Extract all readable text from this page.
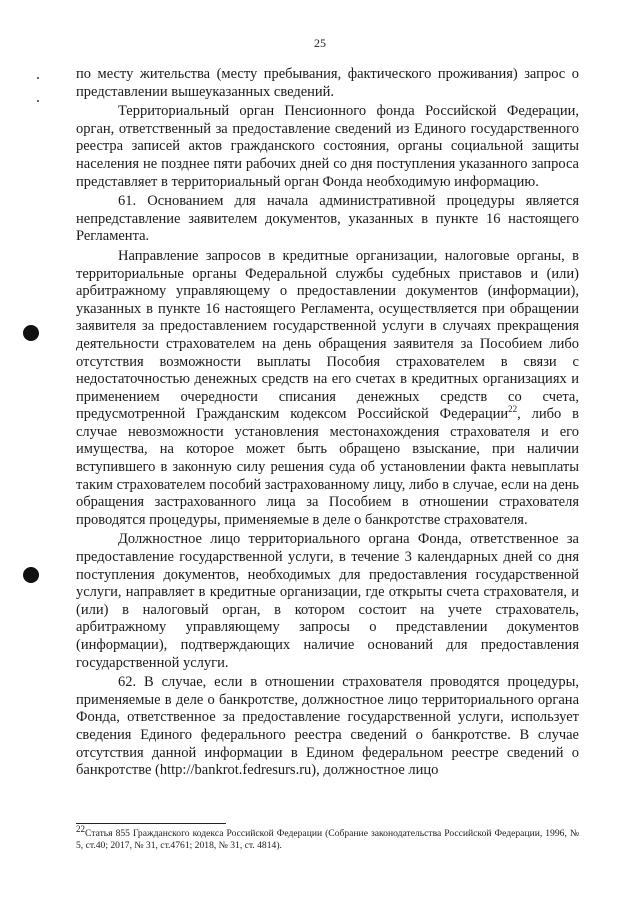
25

по месту жительства (месту пребывания, фактического проживания) запрос о представлении вышеуказанных сведений.

Территориальный орган Пенсионного фонда Российской Федерации, орган, ответственный за предоставление сведений из Единого государственного реестра записей актов гражданского состояния, органы социальной защиты населения не позднее пяти рабочих дней со дня поступления указанного запроса представляет в территориальный орган Фонда необходимую информацию.

61. Основанием для начала административной процедуры является непредставление заявителем документов, указанных в пункте 16 настоящего Регламента.

Направление запросов в кредитные организации, налоговые органы, в территориальные органы Федеральной службы судебных приставов и (или) арбитражному управляющему о предоставлении документов (информации), указанных в пункте 16 настоящего Регламента, осуществляется при обращении заявителя за предоставлением государственной услуги в случаях прекращения деятельности страхователем на день обращения заявителя за Пособием либо отсутствия возможности выплаты Пособия страхователем в связи с недостаточностью денежных средств на его счетах в кредитных организациях и применением очередности списания денежных средств со счета, предусмотренной Гражданским кодексом Российской Федерации$^{22}$, либо в случае невозможности установления местонахождения страхователя и его имущества, на которое может быть обращено взыскание, при наличии вступившего в законную силу решения суда об установлении факта невыплаты таким страхователем пособий застрахованному лицу, либо в случае, если на день обращения застрахованного лица за Пособием в отношении страхователя проводятся процедуры, применяемые в деле о банкротстве страхователя.

Должностное лицо территориального органа Фонда, ответственное за предоставление государственной услуги, в течение 3 календарных дней со дня поступления документов, необходимых для предоставления государственной услуги, направляет в кредитные организации, где открыты счета страхователя, и (или) в налоговый орган, в котором состоит на учете страхователь, арбитражному управляющему запросы о представлении документов (информации), подтверждающих наличие оснований для предоставления государственной услуги.

62. В случае, если в отношении страхователя проводятся процедуры, применяемые в деле о банкротстве, должностное лицо территориального органа Фонда, ответственное за предоставление государственной услуги, использует сведения Единого федерального реестра сведений о банкротстве. В случае отсутствия данной информации в Едином федеральном реестре сведений о банкротстве (http://bankrot.fedresurs.ru), должностное лицо

$^{22}$Статья 855 Гражданского кодекса Российской Федерации (Собрание законодательства Российской Федерации, 1996, № 5, ст.40; 2017, № 31, ст.4761; 2018, № 31, ст. 4814).
